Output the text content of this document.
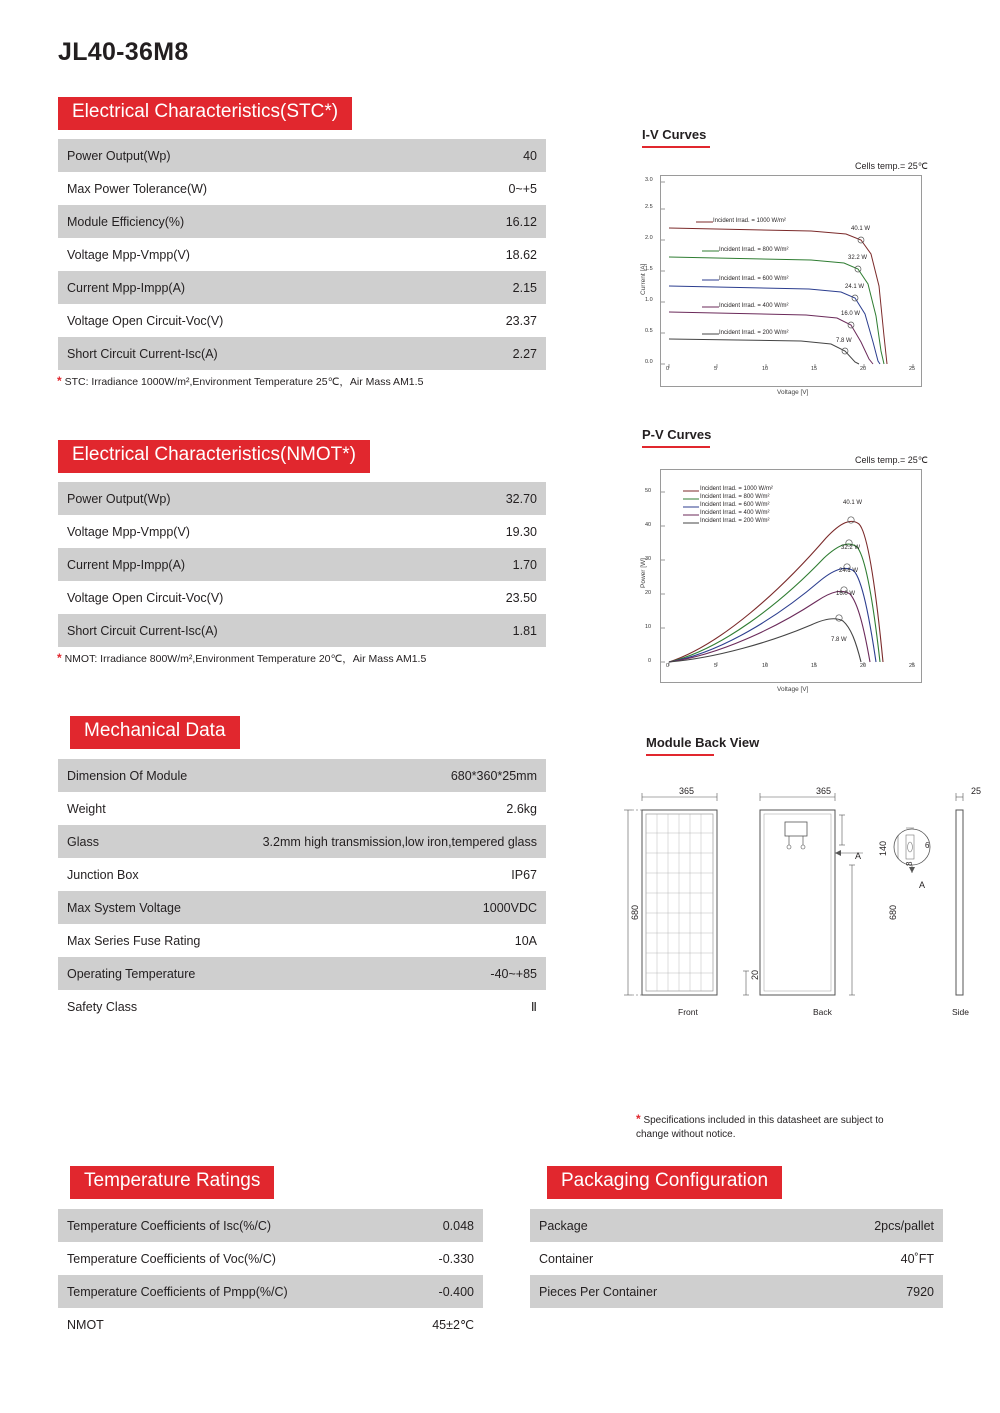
JL40-36M8
Electrical Characteristics(STC*)
Power Output(Wp)	40
Max Power Tolerance(W)	0~+5
Module Efficiency(%)	16.12
Voltage Mpp-Vmpp(V)	18.62
Current Mpp-Impp(A)	2.15
Voltage Open Circuit-Voc(V)	23.37
Short Circuit Current-Isc(A)	2.27
* STC: Irradiance 1000W/m²,Environment Temperature 25℃，Air Mass AM1.5
Electrical Characteristics(NMOT*)
Power Output(Wp)	32.70
Voltage Mpp-Vmpp(V)	19.30
Current Mpp-Impp(A)	1.70
Voltage Open Circuit-Voc(V)	23.50
Short Circuit Current-Isc(A)	1.81
* NMOT: Irradiance 800W/m²,Environment Temperature 20℃，Air Mass AM1.5
Mechanical Data
Dimension Of Module	680*360*25mm
Weight	2.6kg
Glass	3.2mm high transmission,low iron,tempered glass
Junction Box	IP67
Max System Voltage	1000VDC
Max Series Fuse Rating	10A
Operating Temperature	-40~+85
Safety Class	Ⅱ
Temperature Ratings
Temperature Coefficients of Isc(%/C)	0.048
Temperature Coefficients of Voc(%/C)	-0.330
Temperature Coefficients of Pmpp(%/C)	-0.400
NMOT	45±2℃
Packaging Configuration
Package	2pcs/pallet
Container	40˚FT
Pieces Per Container	7920
I-V Curves
Cells temp.= 25℃
0.0
0.5
1.0
1.5
2.0
2.5
3.0
0	5	10	15	20	25
Voltage [V]
Current [A]
Incident Irrad. = 1000 W/m²
Incident Irrad. = 800 W/m²
Incident Irrad. = 600 W/m²
Incident Irrad. = 400 W/m²
Incident Irrad. = 200 W/m²
40.1 W
32.2 W
24.1 W
16.0 W
7.8 W
P-V Curves
Cells temp.= 25℃
0
10
20
30
40
50
0	5	10	15	20	25
Voltage [V]
Power [W]
Incident Irrad. = 1000 W/m²
Incident Irrad. = 800 W/m²
Incident Irrad. = 600 W/m²
Incident Irrad. = 400 W/m²
Incident Irrad. = 200 W/m²
40.1 W
32.2 W
24.1 W
16.0 W
7.8 W
Module Back View
365
680
365
140
680
20
25
6
8
A
A
Front	Back	Side
* Specifications included in this datasheet are subject to change without notice.
